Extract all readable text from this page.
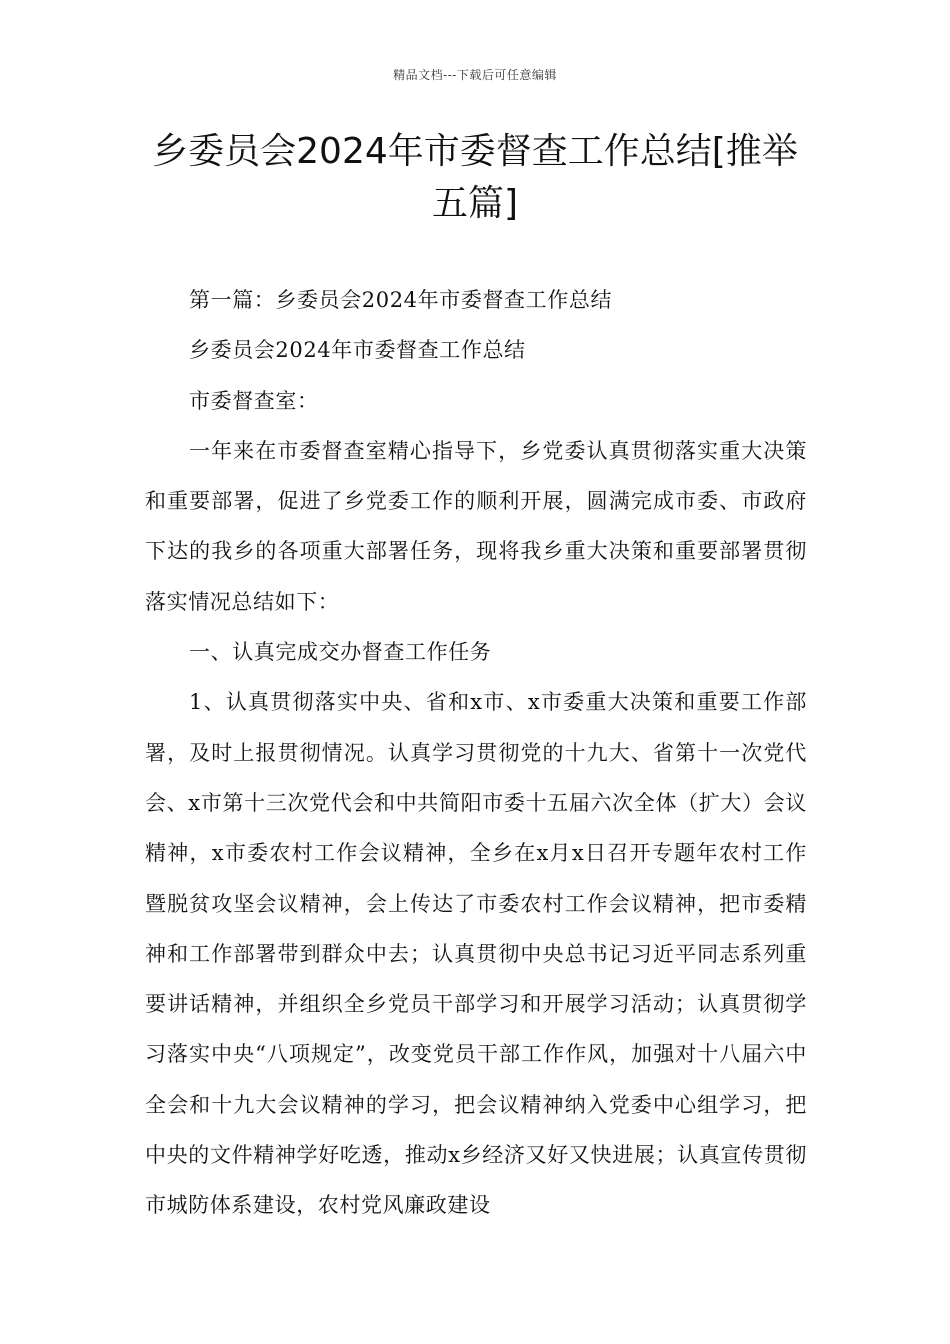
精品文档---下载后可任意编辑
乡委员会2024年市委督查工作总结[推举五篇]

第一篇：乡委员会2024年市委督查工作总结

乡委员会2024年市委督查工作总结

市委督查室：

一年来在市委督查室精心指导下，乡党委认真贯彻落实重大决策和重要部署，促进了乡党委工作的顺利开展，圆满完成市委、市政府下达的我乡的各项重大部署任务，现将我乡重大决策和重要部署贯彻落实情况总结如下：

一、认真完成交办督查工作任务

1、认真贯彻落实中央、省和x市、x市委重大决策和重要工作部署，及时上报贯彻情况。认真学习贯彻党的十九大、省第十一次党代会、x市第十三次党代会和中共简阳市委十五届六次全体（扩大）会议精神，x市委农村工作会议精神，全乡在x月x日召开专题年农村工作暨脱贫攻坚会议精神，会上传达了市委农村工作会议精神，把市委精神和工作部署带到群众中去；认真贯彻中央总书记习近平同志系列重要讲话精神，并组织全乡党员干部学习和开展学习活动；认真贯彻学习落实中央“八项规定”，改变党员干部工作作风，加强对十八届六中全会和十九大会议精神的学习，把会议精神纳入党委中心组学习，把中央的文件精神学好吃透，推动x乡经济又好又快进展；认真宣传贯彻市城防体系建设，农村党风廉政建设
